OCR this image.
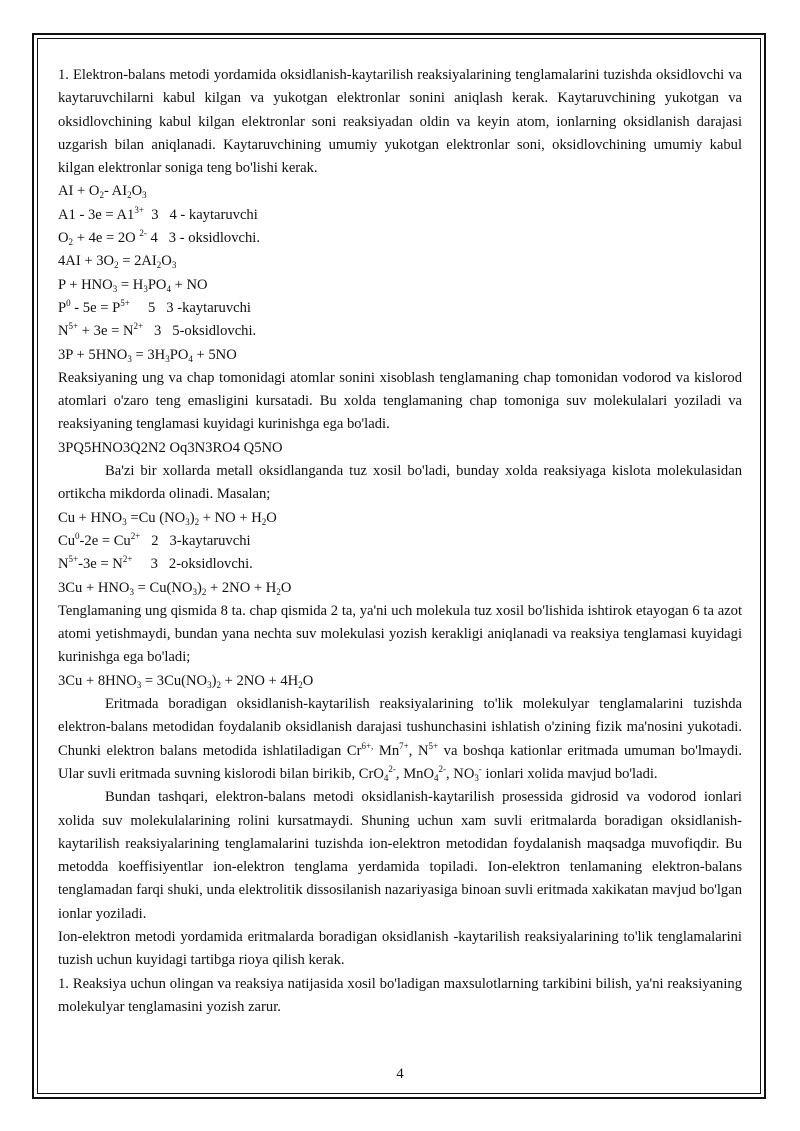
1. Elektron-balans metodi yordamida oksidlanish-kaytarilish reaksiyalarining tenglamalarini tuzishda oksidlovchi va kaytaruvchilarni kabul kilgan va yukotgan elektronlar sonini aniqlash kerak. Kaytaruvchining yukotgan va oksidlovchining kabul kilgan elektronlar soni reaksiyadan oldin va keyin atom, ionlarning oksidlanish darajasi uzgarish bilan aniqlanadi. Kaytaruvchining umumiy yukotgan elektronlar soni, oksidlovchining umumiy kabul kilgan elektronlar soniga teng bo'lishi kerak.

AI + $O_2-$ $AI_2O_3$

$A1 - 3e = A1^{3+}$  3   4 - kaytaruvchi

$O_2 + 4e = 2O$ $^{2-}$ 4   3 - oksidlovchi.

$4AI + 3O_2 = 2AI_2O_3$

$P + HNO_3 = H_3PO_4$ + NO

$P^0 - 5e = P^{5+}$     5   3 -kaytaruvchi

$N^{5+} + 3e = N^{2+}$   3   5-oksidlovchi.

$3P + 5HNO_3 = 3H_3PO_4 + 5NO$

Reaksiyaning ung va chap tomonidagi atomlar sonini xisoblash tenglamaning chap tomonidan vodorod va kislorod atomlari o'zaro teng emasligini kursatadi. Bu xolda tenglamaning chap tomoniga suv molekulalari yoziladi va reaksiyaning tenglamasi kuyidagi kurinishga ega bo'ladi.

3PQ5HNO3Q2N2 Oq3N3RO4 Q5NO

Ba'zi bir xollarda metall oksidlanganda tuz xosil bo'ladi, bunday xolda reaksiyaga kislota molekulasidan ortikcha mikdorda olinadi. Masalan;

$Cu + HNO_3 =Cu$ $(NO_3)_2$ + NO + $H_2O$

$Cu^0-2e = Cu^{2+}$   2   3-kaytaruvchi

$N^{5+}-3e = N^{2+}$     3   2-oksidlovchi.

$3Cu + HNO_3 = Cu(NO_3)_2 + 2NO + H_2O$

Tenglamaning ung qismida 8 ta. chap qismida 2 ta, ya'ni uch molekula tuz xosil bo'lishida ishtirok etayogan 6 ta azot atomi yetishmaydi, bundan yana nechta suv molekulasi yozish kerakligi aniqlanadi va reaksiya tenglamasi kuyidagi kurinishga ega bo'ladi;

$3Cu + 8HNO_3 = 3Cu(NO_3)_2 + 2NO + 4H_2O$

Eritmada boradigan oksidlanish-kaytarilish reaksiyalarining to'lik molekulyar tenglamalarini tuzishda elektron-balans metodidan foydalanib oksidlanish darajasi tushunchasini ishlatish o'zining fizik ma'nosini yukotadi. Chunki elektron balans metodida ishlatiladigan $Cr^{6+,}$ $Mn^{7+}$, $N^{5+}$ va boshqa kationlar eritmada umuman bo'lmaydi. Ular suvli eritmada suvning kislorodi bilan birikib, CrO$_4^{2-}$, MnO$_4^{2-}$, $NO_3^-$ ionlari xolida mavjud bo'ladi.

Bundan tashqari, elektron-balans metodi oksidlanish-kaytarilish prosessida gidrosid va vodorod ionlari xolida suv molekulalarining rolini kursatmaydi. Shuning uchun xam suvli eritmalarda boradigan oksidlanish-kaytarilish reaksiyalarining tenglamalarini tuzishda ion-elektron metodidan foydalanish maqsadga muvofiqdir. Bu metodda koeffisiyentlar ion-elektron tenglama yerdamida topiladi. Ion-elektron tenlamaning elektron-balans tenglamadan farqi shuki, unda elektrolitik dissosilanish nazariyasiga binoan suvli eritmada xakikatan mavjud bo'lgan ionlar yoziladi.

Ion-elektron metodi yordamida eritmalarda boradigan oksidlanish -kaytarilish reaksiyalarining to'lik tenglamalarini tuzish uchun kuyidagi tartibga rioya qilish kerak.

1. Reaksiya uchun olingan va reaksiya natijasida xosil bo'ladigan maxsulotlarning tarkibini bilish, ya'ni reaksiyaning molekulyar tenglamasini yozish zarur.

4
